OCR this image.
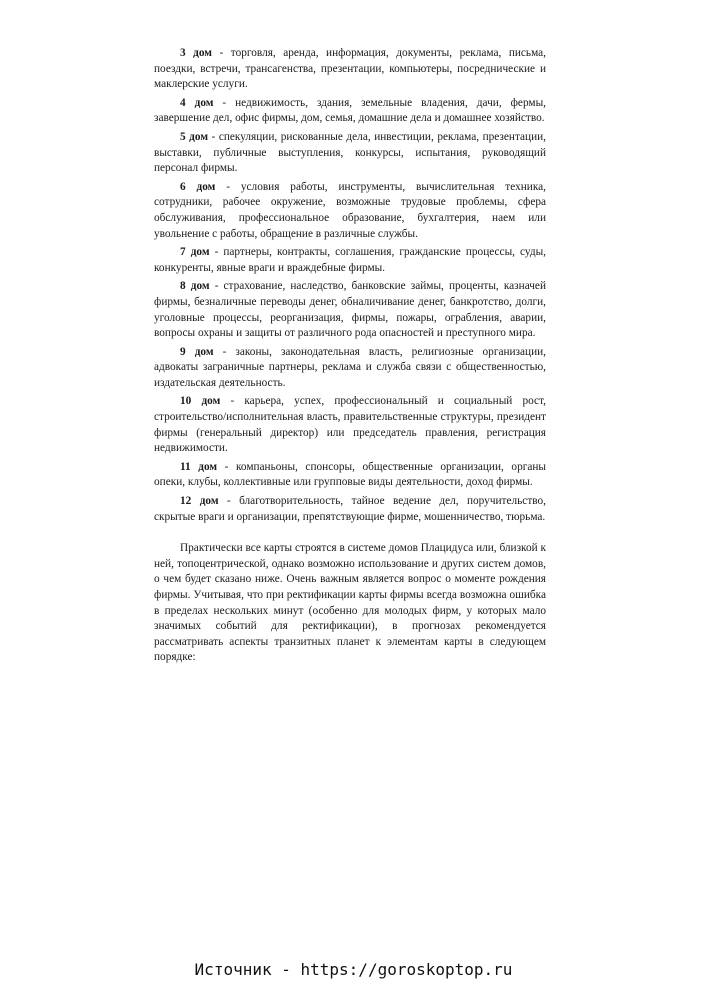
3 дом - торговля, аренда, информация, документы, реклама, письма, поездки, встречи, трансагенства, презентации, компьютеры, посреднические и маклерские услуги.

4 дом - недвижимость, здания, земельные владения, дачи, фермы, завершение дел, офис фирмы, дом, семья, домашние дела и домашнее хозяйство.

5 дом - спекуляции, рискованные дела, инвестиции, реклама, презентации, выставки, публичные выступления, конкурсы, испытания, руководящий персонал фирмы.

6 дом - условия работы, инструменты, вычислительная техника, сотрудники, рабочее окружение, возможные трудовые проблемы, сфера обслуживания, профессиональное образование, бухгалтерия, наем или увольнение с работы, обращение в различные службы.

7 дом - партнеры, контракты, соглашения, гражданские процессы, суды, конкуренты, явные враги и враждебные фирмы.

8 дом - страхование, наследство, банковские займы, проценты, казначей фирмы, безналичные переводы денег, обналичивание денег, банкротство, долги, уголовные процессы, реорганизация, фирмы, пожары, ограбления, аварии, вопросы охраны и защиты от различного рода опасностей и преступного мира.

9 дом - законы, законодательная власть, религиозные организации, адвокаты заграничные партнеры, реклама и служба связи с общественностью, издательская деятельность.

10 дом - карьера, успех, профессиональный и социальный рост, строительство/исполнительная власть, правительственные структуры, президент фирмы (генеральный директор) или председатель правления, регистрация недвижимости.

11 дом - компаньоны, спонсоры, общественные организации, органы опеки, клубы, коллективные или групповые виды деятельности, доход фирмы.

12 дом - благотворительность, тайное ведение дел, поручительство, скрытые враги и организации, препятствующие фирме, мошенничество, тюрьма.

Практически все карты строятся в системе домов Плацидуса или, близкой к ней, топоцентрической, однако возможно использование и других систем домов, о чем будет сказано ниже. Очень важным является вопрос о моменте рождения фирмы. Учитывая, что при ректификации карты фирмы всегда возможна ошибка в пределах нескольких минут (особенно для молодых фирм, у которых мало значимых событий для ректификации), в прогнозах рекомендуется рассматривать аспекты транзитных планет к элементам карты в следующем порядке:

Источник - https://goroskoptop.ru
